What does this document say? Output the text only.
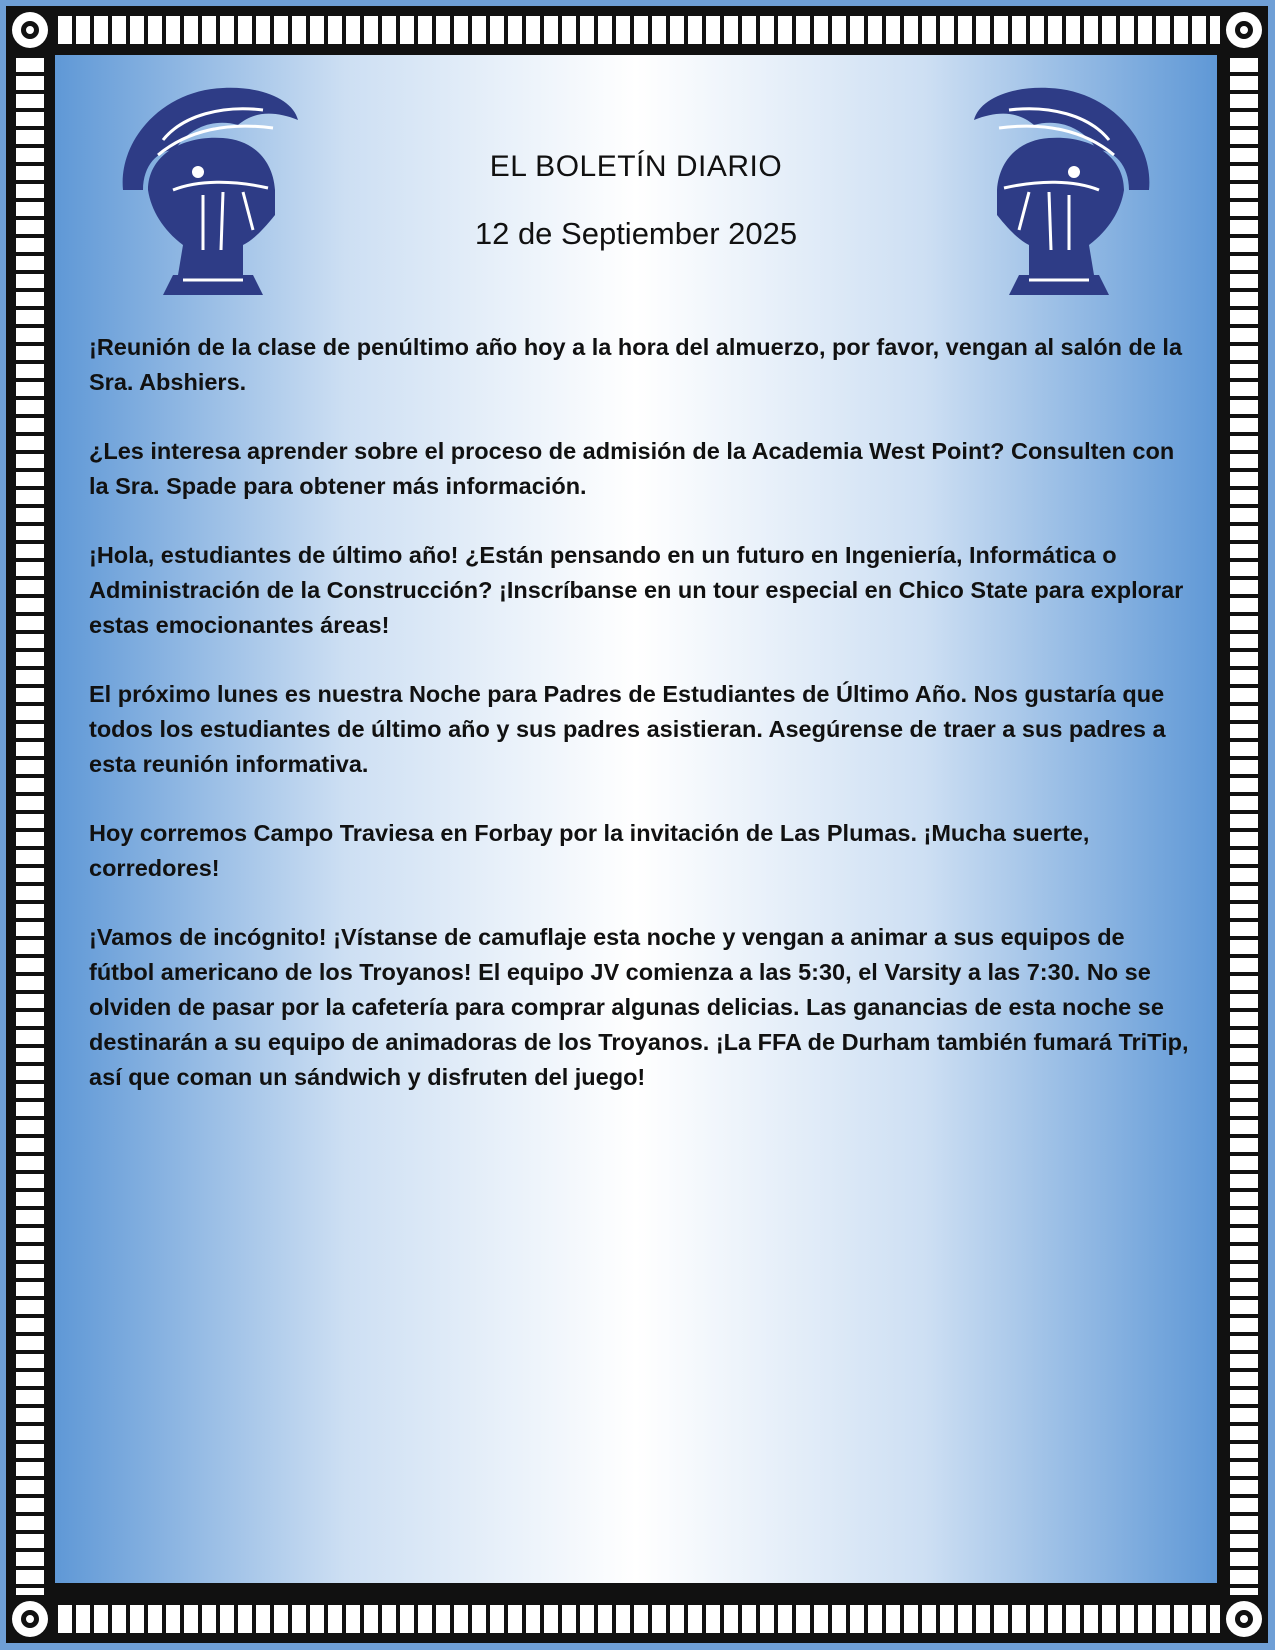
EL BOLETÍN DIARIO
12 de Septiember 2025

¡Reunión de la clase de penúltimo año hoy a la hora del almuerzo, por favor, vengan al salón de la Sra. Abshiers.

¿Les interesa aprender sobre el proceso de admisión de la Academia West Point? Consulten con la Sra. Spade para obtener más información.

¡Hola, estudiantes de último año! ¿Están pensando en un futuro en Ingeniería, Informática o Administración de la Construcción? ¡Inscríbanse en un tour especial en Chico State para explorar estas emocionantes áreas!

El próximo lunes es nuestra Noche para Padres de Estudiantes de Último Año. Nos gustaría que todos los estudiantes de último año y sus padres asistieran. Asegúrense de traer a sus padres a esta reunión informativa.

Hoy corremos Campo Traviesa en Forbay por la invitación de Las Plumas. ¡Mucha suerte, corredores!

¡Vamos de incógnito! ¡Vístanse de camuflaje esta noche y vengan a animar a sus equipos de fútbol americano de los Troyanos! El equipo JV comienza a las 5:30, el Varsity a las 7:30. No se olviden de pasar por la cafetería para comprar algunas delicias. Las ganancias de esta noche se destinarán a su equipo de animadoras de los Troyanos. ¡La FFA de Durham también fumará TriTip, así que coman un sándwich y disfruten del juego!
